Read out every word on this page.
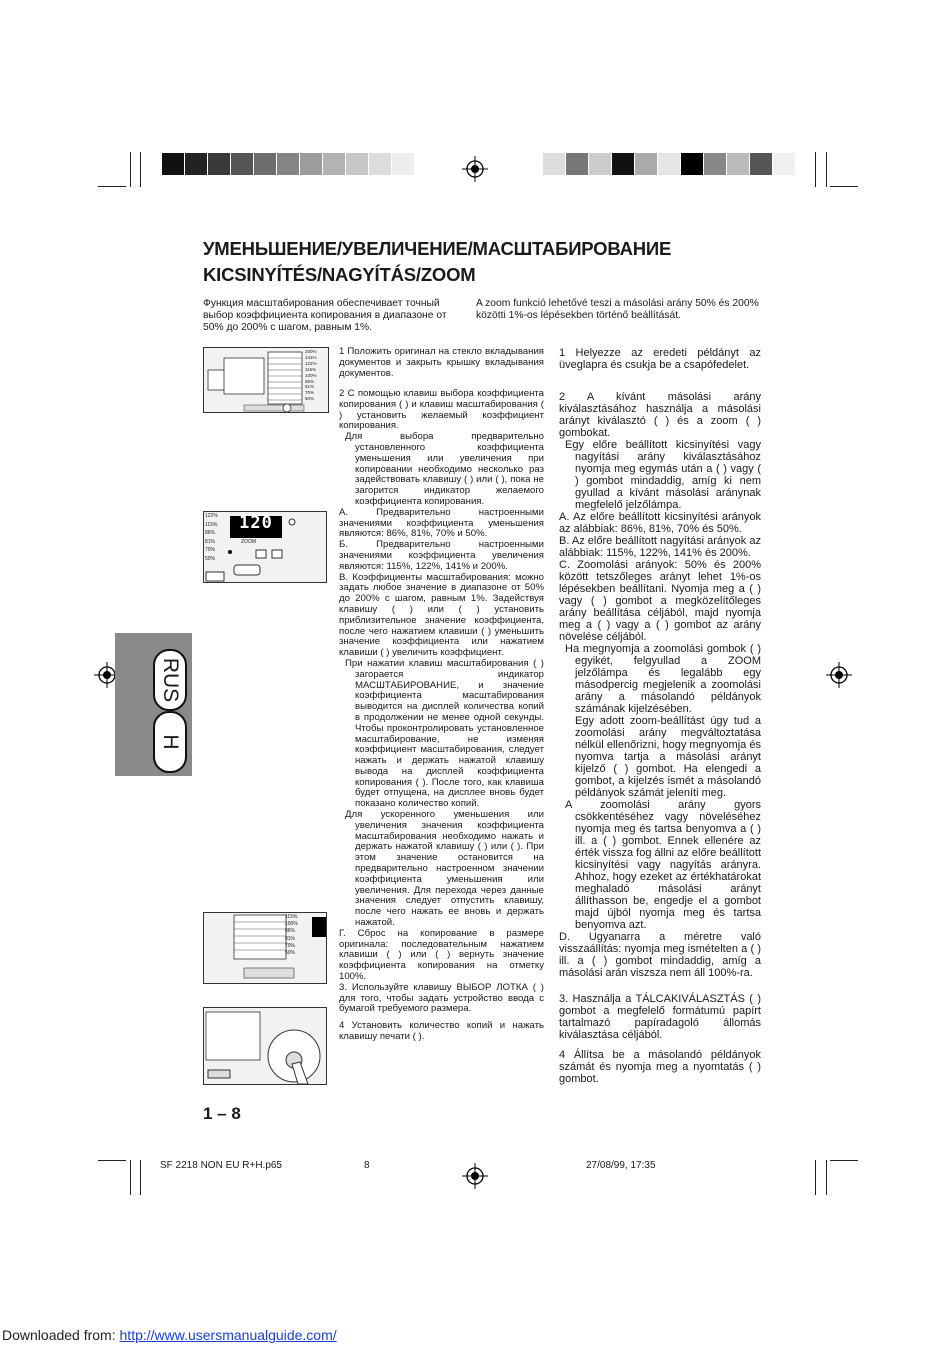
УМЕНЬШЕНИЕ/УВЕЛИЧЕНИЕ/МАСШТАБИРОВАНИЕ
KICSINYÍTÉS/NAGYÍTÁS/ZOOM
Функция масштабирования обеспечивает точный выбор коэффициента копирования в диапазоне от 50% до 200% с шагом, равным 1%.
A zoom funkció lehetővé teszi a másolási arány 50% és 200% közötti 1%-os lépésekben történő beállítását.
200%
141%
122%
115%
100%
86%
81%
70%
50%
120
ZOOM
122%
115%
86%
81%
70%
50%
115%
100%
86%
81%
70%
50%
H
RUS

1 Положить оригинал на стекло вкладывания документов и закрыть крышку вкладывания документов.

2 С помощью клавиш выбора коэффициента копирования ( ) и клавиш масштабирования ( ) установить желаемый коэффициент копирования.

Для выбора предварительно установленного коэффициента уменьшения или увеличения при копировании необходимо несколько раз задействовать клавишу ( ) или ( ), пока не загорится индикатор желаемого коэффициента копирования.

А. Предварительно настроенными значениями коэффициента уменьшения являются: 86%, 81%, 70% и 50%.

Б. Предварительно настроенными значениями коэффициента увеличения являются: 115%, 122%, 141% и 200%.

В. Коэффициенты масштабирования: можно задать любое значение в диапазоне от 50% до 200% с шагом, равным 1%. Задействуя клавишу ( ) или ( ) установить приблизительное значение коэффициента, после чего нажатием клавиши ( ) уменьшить значение коэффициента или нажатием клавиши ( ) увеличить коэффициент.

При нажатии клавиш масштабирования ( ) загорается индикатор МАСШТАБИРОВАНИЕ, и значение коэффициента масштабирования выводится на дисплей количества копий в продолжении не менее одной секунды. Чтобы проконтролировать установленное масштабирование, не изменяя коэффициент масштабирования, следует нажать и держать нажатой клавишу вывода на дисплей коэффициента копирования ( ). После того, как клавиша будет отпущена, на дисплее вновь будет показано количество копий.

Для ускоренного уменьшения или увеличения значения коэффициента масштабирования необходимо нажать и держать нажатой клавишу ( ) или ( ). При этом значение остановится на предварительно настроенном значении коэффициента уменьшения или увеличения. Для перехода через данные значения следует отпустить клавишу, после чего нажать ее вновь и держать нажатой.

Г. Сброс на копирование в размере оригинала: последовательным нажатием клавиши ( ) или ( ) вернуть значение коэффициента копирования на отметку 100%.

3. Используйте клавишу ВЫБОР ЛОТКА ( ) для того, чтобы задать устройство ввода с бумагой требуемого размера.

4 Установить количество копий и нажать клавишу печати ( ).

1 Helyezze az eredeti példányt az üveglapra és csukja be a csapófedelet.

2 A kívánt másolási arány kiválasztásához használja a másolási arányt kiválasztó ( ) és a zoom ( ) gombokat.

Egy előre beállított kicsinyítési vagy nagyítási arány kiválasztásához nyomja meg egymás után a ( ) vagy ( ) gombot mindaddig, amíg ki nem gyullad a kívánt másolási aránynak megfelelő jelzőlámpa.

A. Az előre beállított kicsinyítési arányok az alábbiak: 86%, 81%, 70% és 50%.

B. Az előre beállított nagyítási arányok az alábbiak: 115%, 122%, 141% és 200%.

C. Zoomolási arányok: 50% és 200% között tetszőleges arányt lehet 1%-os lépésekben beállítani. Nyomja meg a ( ) vagy ( ) gombot a megközelítőleges arány beállítása céljából, majd nyomja meg a ( ) vagy a ( ) gombot az arány növelése céljából.

Ha megnyomja a zoomolási gombok ( ) egyikét, felgyullad a ZOOM jelzőlámpa és legalább egy másodpercig megjelenik a zoomolási arány a másolandó példányok számának kijelzésében.

Egy adott zoom-beállítást úgy tud a zoomolási arány megváltoztatása nélkül ellenőrizni, hogy megnyomja és nyomva tartja a másolási arányt kijelző ( ) gombot. Ha elengedi a gombot, a kijelzés ismét a másolandó példányok számát jeleníti meg.

A zoomolási arány gyors csökkentéséhez vagy növeléséhez nyomja meg és tartsa benyomva a ( ) ill. a ( ) gombot. Ennek ellenére az érték vissza fog állni az előre beállított kicsinyítési vagy nagyítás arányra. Ahhoz, hogy ezeket az értékhatárokat meghaladó másolási arányt állíthasson be, engedje el a gombot majd újból nyomja meg és tartsa benyomva azt.

D. Ugyanarra a méretre való visszaállítás: nyomja meg ismételten a ( ) ill. a ( ) gombot mindaddig, amíg a másolási arán viszsza nem áll 100%-ra.

3. Használja a TÁLCAKIVÁLASZTÁS ( ) gombot a megfelelő formátumú papírt tartalmazó papíradagoló állomás kiválasztása céljából.

4 Állítsa be a másolandó példányok számát és nyomja meg a nyomtatás ( ) gombot.

1 – 8
SF 2218 NON EU R+H.p65	8	27/08/99, 17:35
Downloaded from: http://www.usersmanualguide.com/
